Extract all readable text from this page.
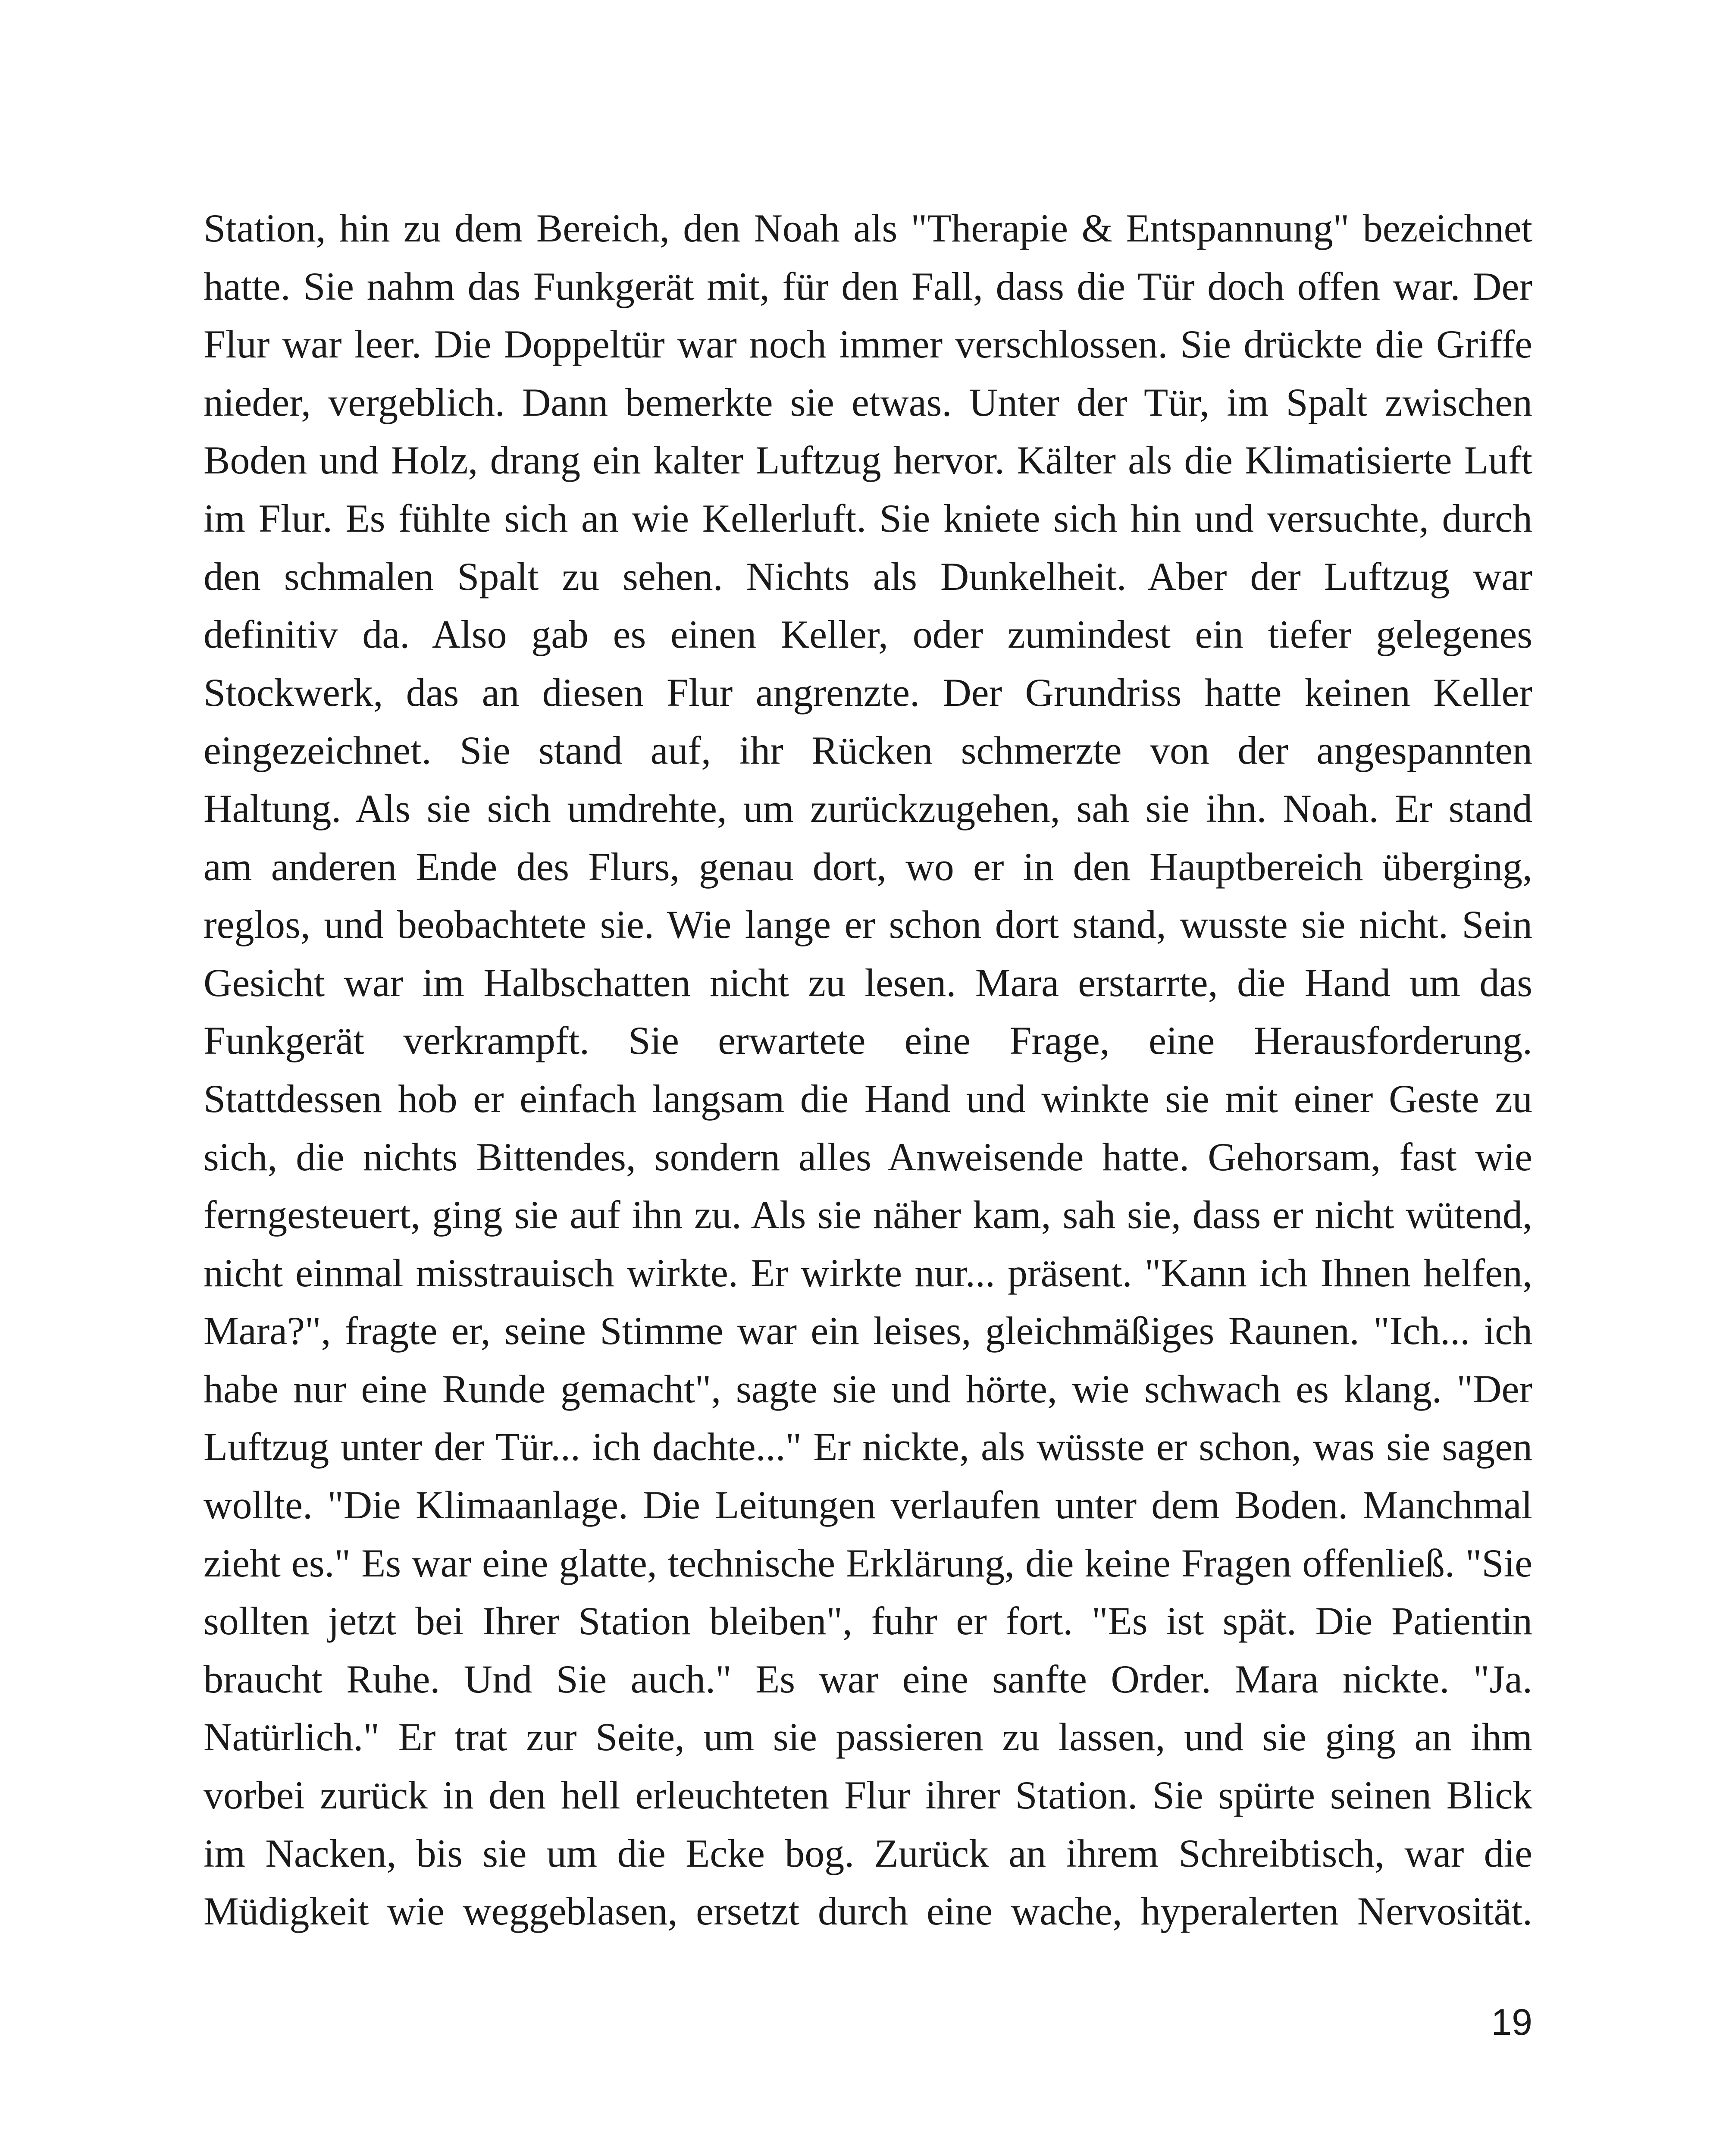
Station, hin zu dem Bereich, den Noah als "Therapie & Entspannung" bezeichnet
hatte. Sie nahm das Funkgerät mit, für den Fall, dass die Tür doch offen war. Der
Flur war leer. Die Doppeltür war noch immer verschlossen. Sie drückte die Griffe
nieder, vergeblich. Dann bemerkte sie etwas. Unter der Tür, im Spalt zwischen
Boden und Holz, drang ein kalter Luftzug hervor. Kälter als die Klimatisierte Luft
im Flur. Es fühlte sich an wie Kellerluft. Sie kniete sich hin und versuchte, durch
den schmalen Spalt zu sehen. Nichts als Dunkelheit. Aber der Luftzug war
definitiv da. Also gab es einen Keller, oder zumindest ein tiefer gelegenes
Stockwerk, das an diesen Flur angrenzte. Der Grundriss hatte keinen Keller
eingezeichnet. Sie stand auf, ihr Rücken schmerzte von der angespannten
Haltung. Als sie sich umdrehte, um zurückzugehen, sah sie ihn. Noah. Er stand
am anderen Ende des Flurs, genau dort, wo er in den Hauptbereich überging,
reglos, und beobachtete sie. Wie lange er schon dort stand, wusste sie nicht. Sein
Gesicht war im Halbschatten nicht zu lesen. Mara erstarrte, die Hand um das
Funkgerät verkrampft. Sie erwartete eine Frage, eine Herausforderung.
Stattdessen hob er einfach langsam die Hand und winkte sie mit einer Geste zu
sich, die nichts Bittendes, sondern alles Anweisende hatte. Gehorsam, fast wie
ferngesteuert, ging sie auf ihn zu. Als sie näher kam, sah sie, dass er nicht wütend,
nicht einmal misstrauisch wirkte. Er wirkte nur... präsent. "Kann ich Ihnen helfen,
Mara?", fragte er, seine Stimme war ein leises, gleichmäßiges Raunen. "Ich... ich
habe nur eine Runde gemacht", sagte sie und hörte, wie schwach es klang. "Der
Luftzug unter der Tür... ich dachte..." Er nickte, als wüsste er schon, was sie sagen
wollte. "Die Klimaanlage. Die Leitungen verlaufen unter dem Boden. Manchmal
zieht es." Es war eine glatte, technische Erklärung, die keine Fragen offenließ. "Sie
sollten jetzt bei Ihrer Station bleiben", fuhr er fort. "Es ist spät. Die Patientin
braucht Ruhe. Und Sie auch." Es war eine sanfte Order. Mara nickte. "Ja.
Natürlich." Er trat zur Seite, um sie passieren zu lassen, und sie ging an ihm
vorbei zurück in den hell erleuchteten Flur ihrer Station. Sie spürte seinen Blick
im Nacken, bis sie um die Ecke bog. Zurück an ihrem Schreibtisch, war die
Müdigkeit wie weggeblasen, ersetzt durch eine wache, hyperalerten Nervosität.
19
